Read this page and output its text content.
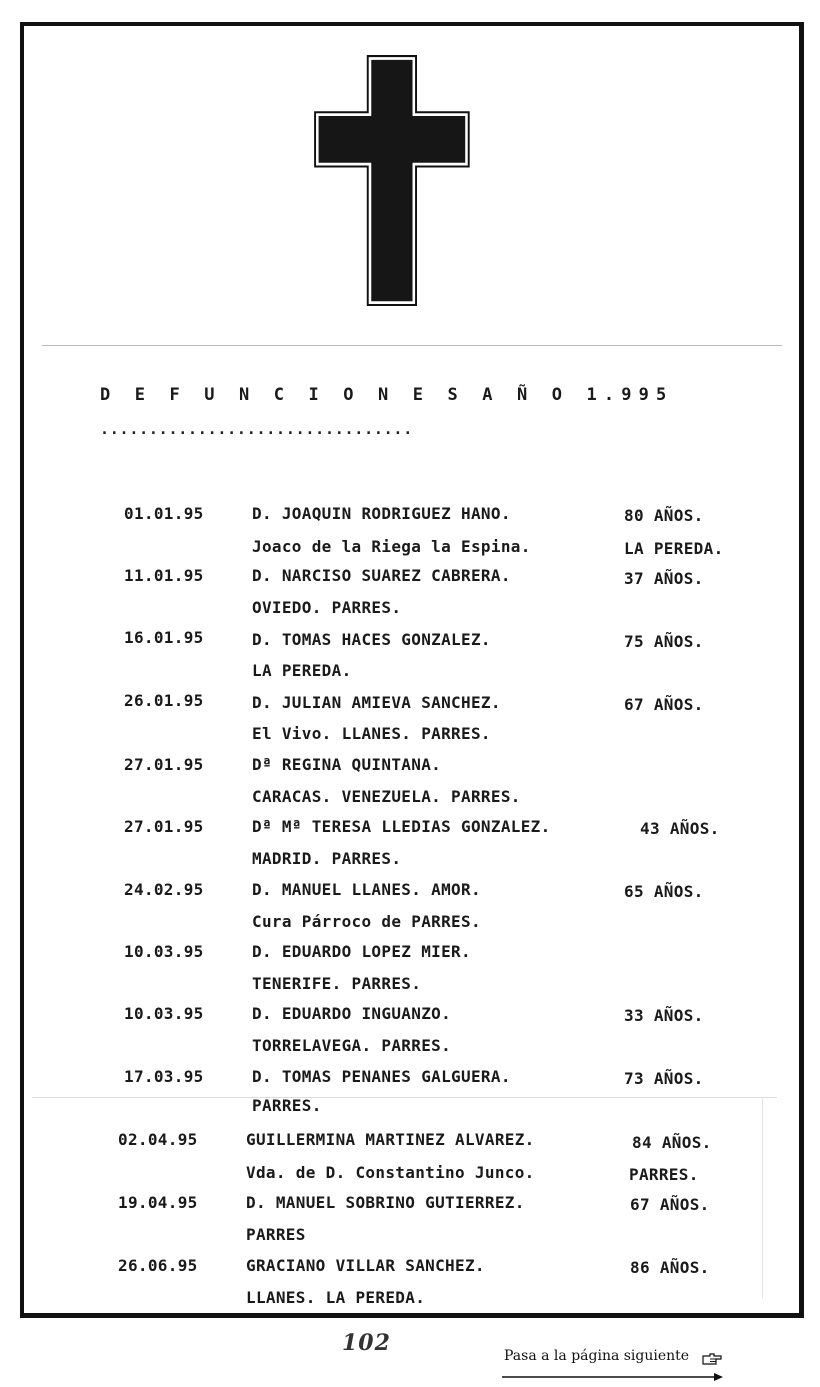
D E F U N C I O N E S A Ñ O 1.995
................................
01.01.95	D. JOAQUIN RODRIGUEZ HANO.	80 AÑOS.
Joaco de la Riega la Espina.	LA PEREDA.
11.01.95	D. NARCISO SUAREZ CABRERA.	37 AÑOS.
OVIEDO. PARRES.
16.01.95	D. TOMAS HACES GONZALEZ.	75 AÑOS.
LA PEREDA.
26.01.95	D. JULIAN AMIEVA SANCHEZ.	67 AÑOS.
El Vivo. LLANES. PARRES.
27.01.95	Dª REGINA QUINTANA.
CARACAS. VENEZUELA. PARRES.
27.01.95	Dª Mª TERESA LLEDIAS GONZALEZ.	43 AÑOS.
MADRID. PARRES.
24.02.95	D. MANUEL LLANES. AMOR.	65 AÑOS.
Cura Párroco de PARRES.
10.03.95	D. EDUARDO LOPEZ MIER.
TENERIFE. PARRES.
10.03.95	D. EDUARDO INGUANZO.	33 AÑOS.
TORRELAVEGA. PARRES.
17.03.95	D. TOMAS PENANES GALGUERA.	73 AÑOS.
PARRES.
02.04.95	GUILLERMINA MARTINEZ ALVAREZ.	84 AÑOS.
Vda. de D. Constantino Junco.	PARRES.
19.04.95	D. MANUEL SOBRINO GUTIERREZ.	67 AÑOS.
PARRES
26.06.95	GRACIANO VILLAR SANCHEZ.	86 AÑOS.
LLANES. LA PEREDA.
102	Pasa a la página siguiente
